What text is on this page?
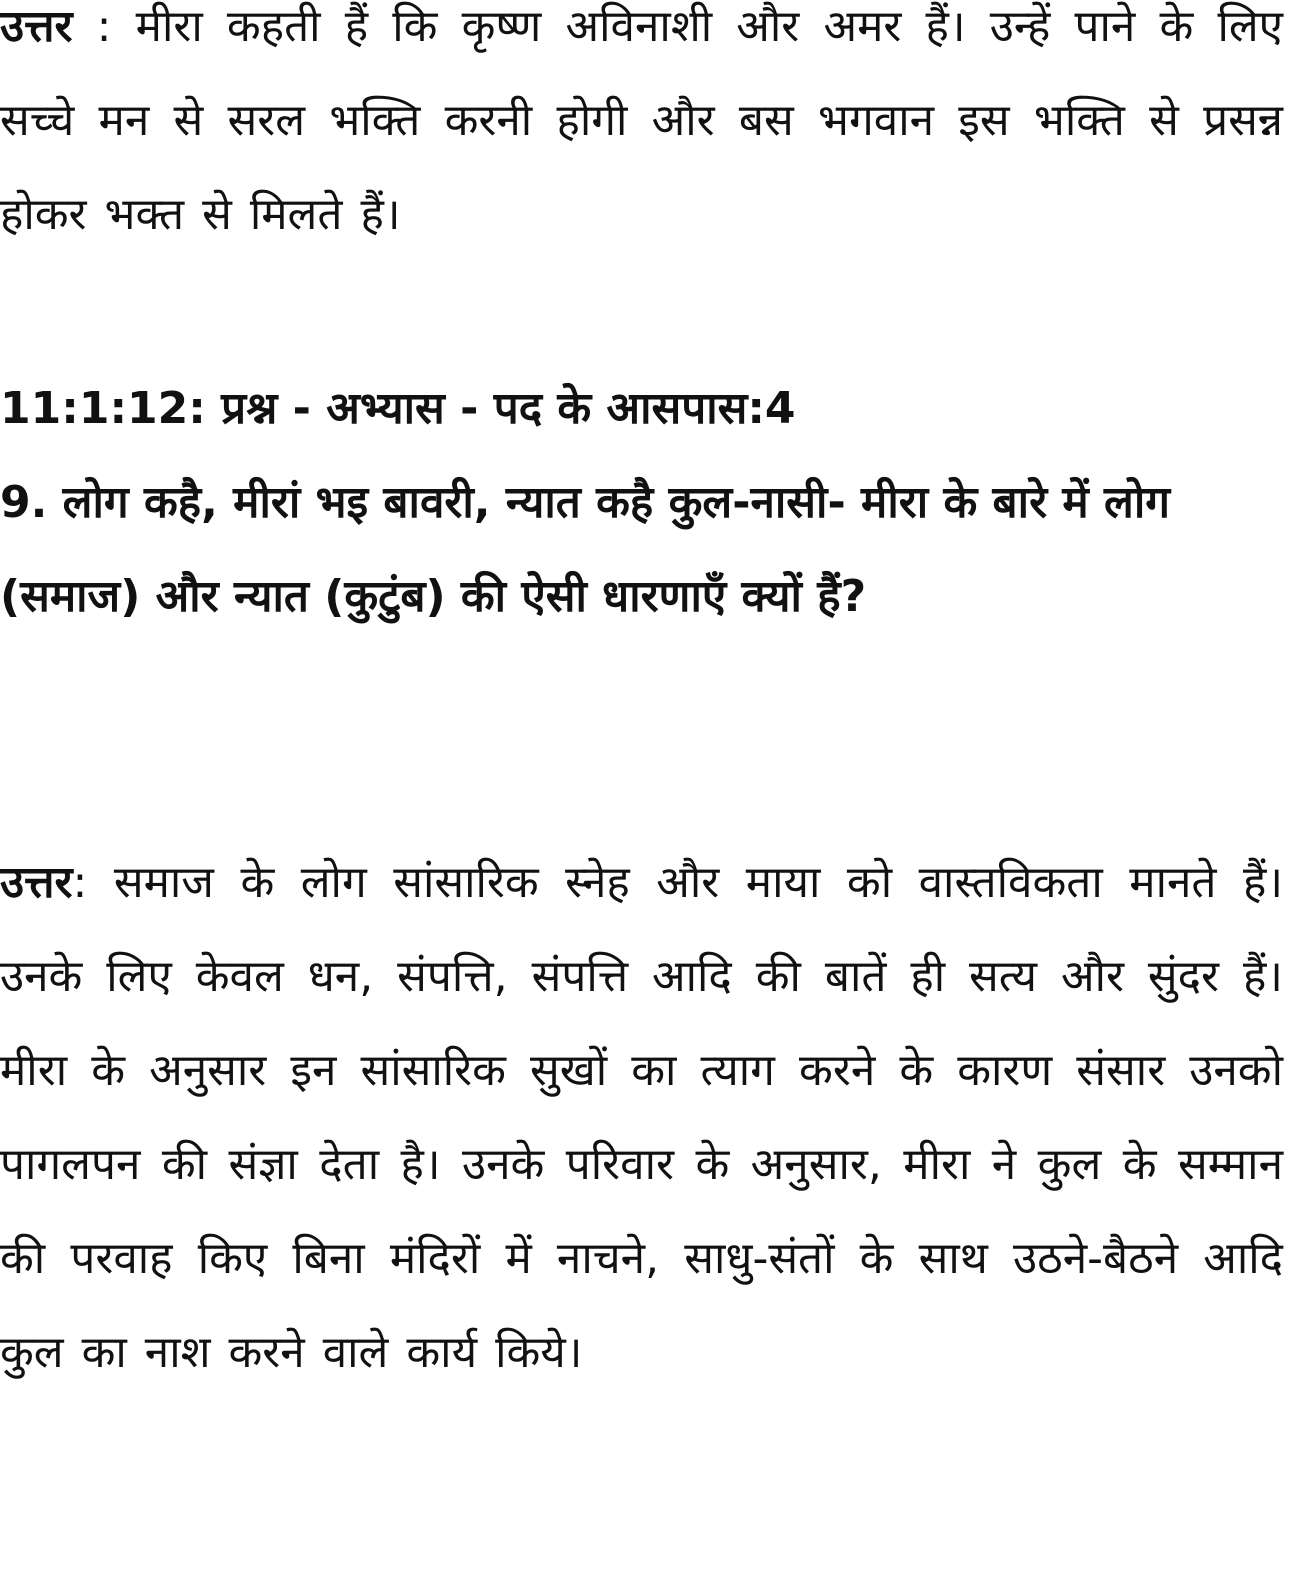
उत्तर : मीरा कहती हैं कि कृष्ण अविनाशी और अमर हैं। उन्हें पाने के लिए सच्चे मन से सरल भक्ति करनी होगी और बस भगवान इस भक्ति से प्रसन्न होकर भक्त से मिलते हैं।

11:1:12: प्रश्न - अभ्यास - पद के आसपास:4

9. लोग कहै, मीरां भइ बावरी, न्यात कहै कुल-नासी- मीरा के बारे में लोग (समाज) और न्यात (कुटुंब) की ऐसी धारणाएँ क्यों हैं?

उत्तर: समाज के लोग सांसारिक स्नेह और माया को वास्तविकता मानते हैं। उनके लिए केवल धन, संपत्ति, संपत्ति आदि की बातें ही सत्य और सुंदर हैं। मीरा के अनुसार इन सांसारिक सुखों का त्याग करने के कारण संसार उनको पागलपन की संज्ञा देता है। उनके परिवार के अनुसार, मीरा ने कुल के सम्मान की परवाह किए बिना मंदिरों में नाचने, साधु-संतों के साथ उठने-बैठने आदि कुल का नाश करने वाले कार्य किये।
